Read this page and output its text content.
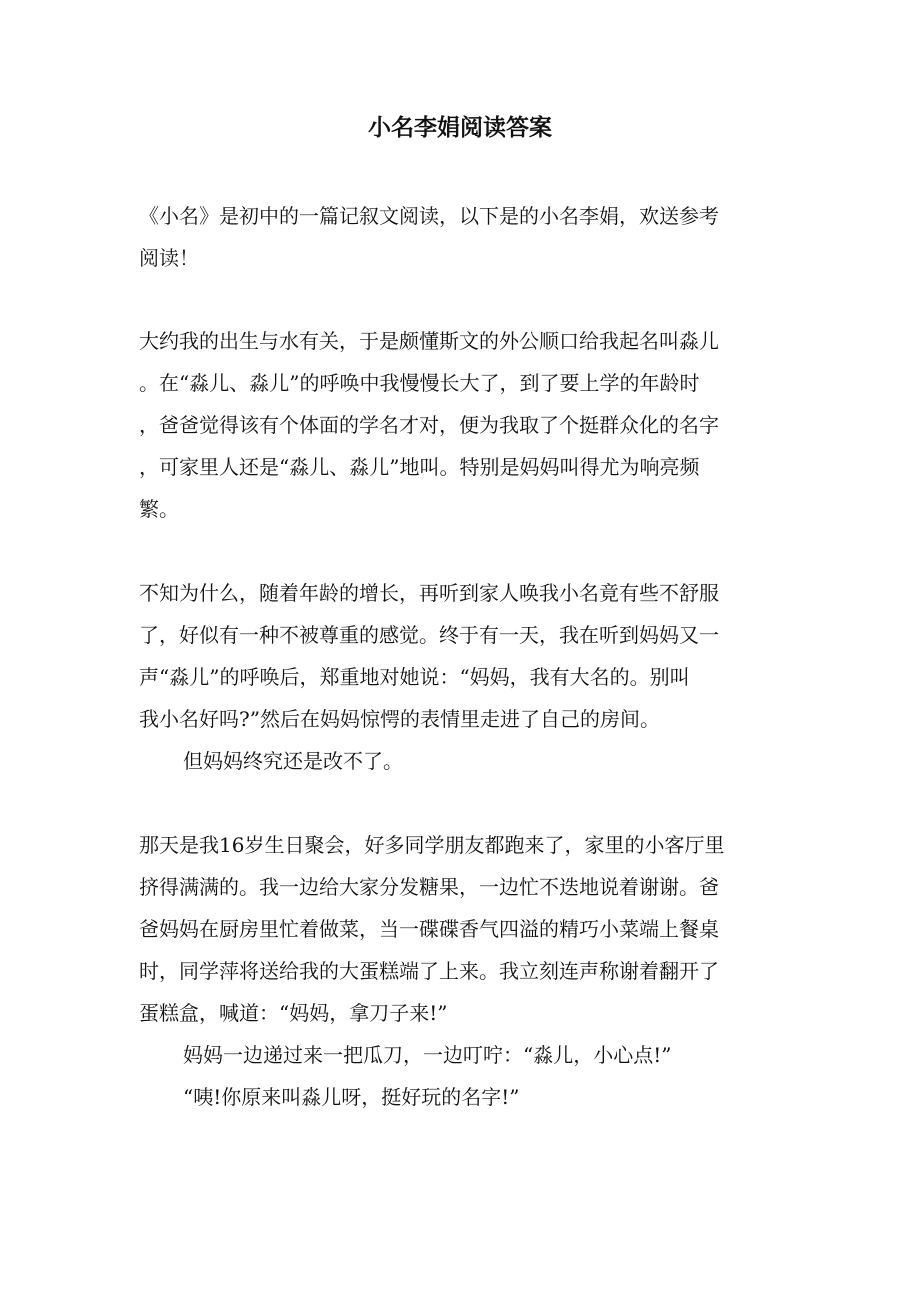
小名李娟阅读答案
《小名》是初中的一篇记叙文阅读，以下是的小名李娟，欢送参考
阅读！
大约我的出生与水有关，于是颇懂斯文的外公顺口给我起名叫淼儿
。在“淼儿、淼儿”的呼唤中我慢慢长大了，到了要上学的年龄时
，爸爸觉得该有个体面的学名才对，便为我取了个挺群众化的名字
，可家里人还是“淼儿、淼儿”地叫。特别是妈妈叫得尤为响亮频
繁。
不知为什么，随着年龄的增长，再听到家人唤我小名竟有些不舒服
了，好似有一种不被尊重的感觉。终于有一天，我在听到妈妈又一
声“淼儿”的呼唤后，郑重地对她说：“妈妈，我有大名的。别叫
我小名好吗?”然后在妈妈惊愕的表情里走进了自己的房间。
但妈妈终究还是改不了。
那天是我16岁生日聚会，好多同学朋友都跑来了，家里的小客厅里
挤得满满的。我一边给大家分发糖果，一边忙不迭地说着谢谢。爸
爸妈妈在厨房里忙着做菜，当一碟碟香气四溢的精巧小菜端上餐桌
时，同学萍将送给我的大蛋糕端了上来。我立刻连声称谢着翻开了
蛋糕盒，喊道：“妈妈，拿刀子来!”
妈妈一边递过来一把瓜刀，一边叮咛：“淼儿，小心点!”
“咦!你原来叫淼儿呀，挺好玩的名字!”
